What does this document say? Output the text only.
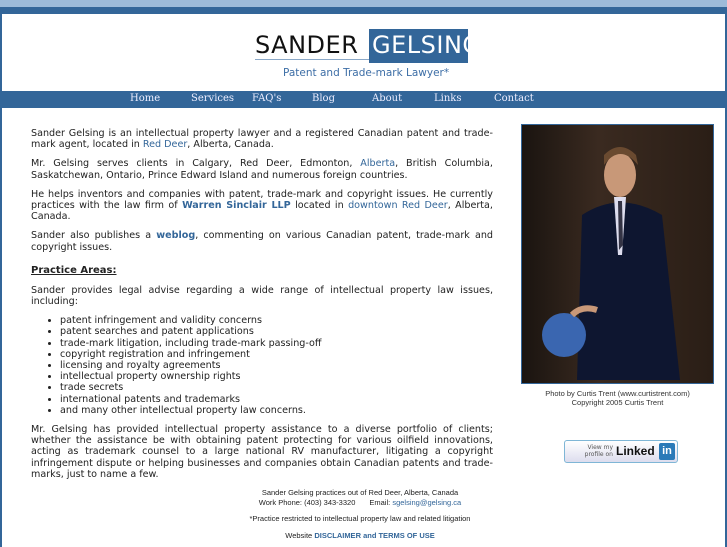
SANDER GELSING
Patent and Trade-mark Lawyer*
Home	Services FAQ's	Blog	About	Links	Contact

Sander Gelsing is an intellectual property lawyer and a registered Canadian patent and trade-mark agent, located in Red Deer, Alberta, Canada.

Mr. Gelsing serves clients in Calgary, Red Deer, Edmonton, Alberta, British Columbia, Saskatchewan, Ontario, Prince Edward Island and numerous foreign countries.

He helps inventors and companies with patent, trade-mark and copyright issues. He currently practices with the law firm of Warren Sinclair LLP located in downtown Red Deer, Alberta, Canada.

Sander also publishes a weblog, commenting on various Canadian patent, trade-mark and copyright issues.

Practice Areas:

Sander provides legal advise regarding a wide range of intellectual property law issues, including:

• patent infringement and validity concerns
• patent searches and patent applications
• trade-mark litigation, including trade-mark passing-off
• copyright registration and infringement
• licensing and royalty agreements
• intellectual property ownership rights
• trade secrets
• international patents and trademarks
• and many other intellectual property law concerns.

Mr. Gelsing has provided intellectual property assistance to a diverse portfolio of clients; whether the assistance be with obtaining patent protecting for various oilfield innovations, acting as trademark counsel to a large national RV manufacturer, litigating a copyright infringement dispute or helping businesses and companies obtain Canadian patents and trade-marks, just to name a few.

Photo by Curtis Trent (www.curtistrent.com)
Copyright 2005 Curtis Trent
View my profile on Linked in
Sander Gelsing practices out of Red Deer, Alberta, Canada
Work Phone: (403) 343-3320 Email: sgelsing@gelsing.ca
*Practice restricted to intellectual property law and related litigation
Website DISCLAIMER and TERMS OF USE
